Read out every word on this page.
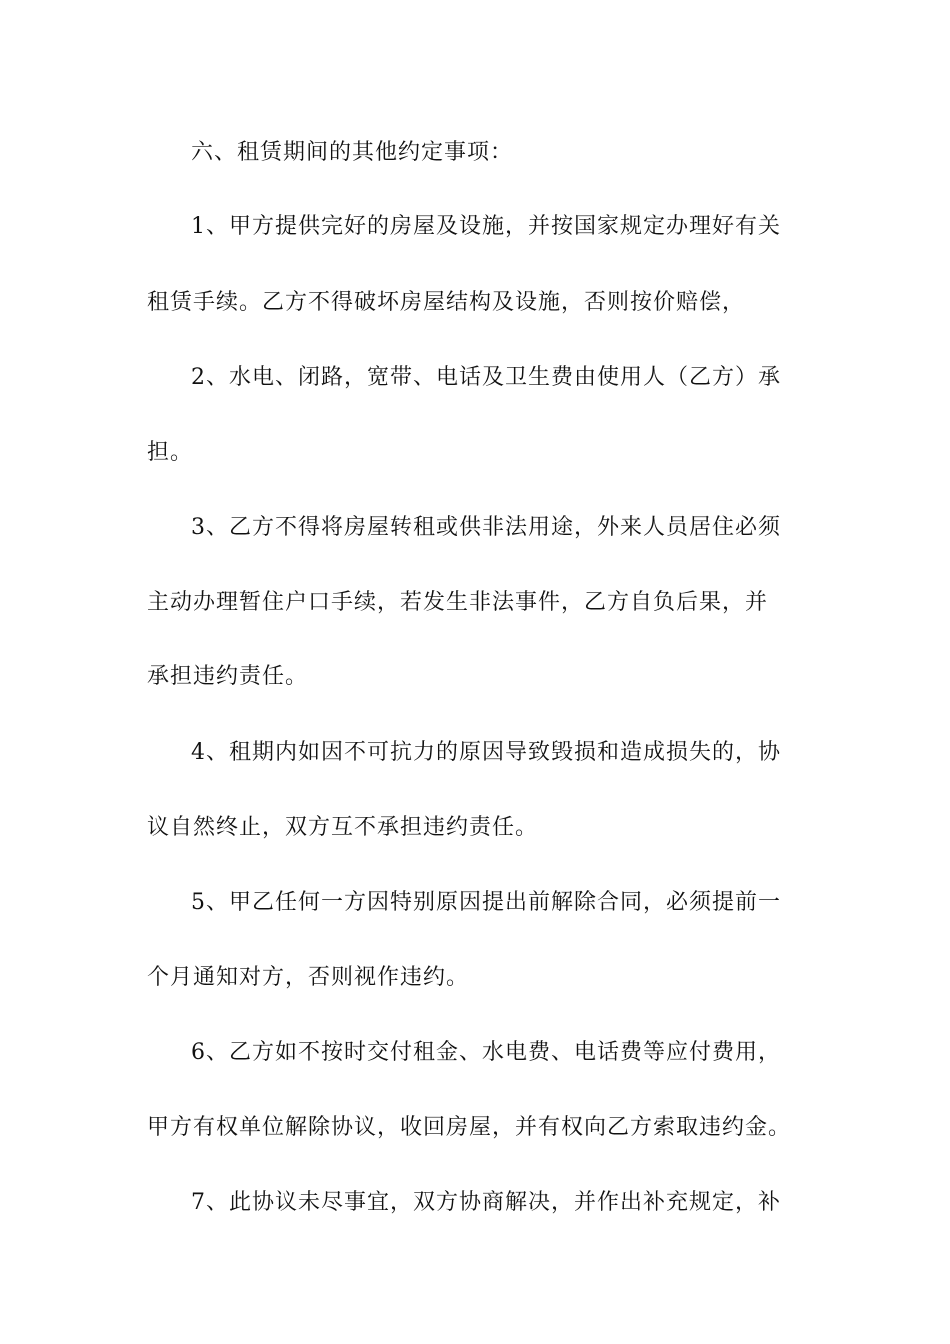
六、租赁期间的其他约定事项：
1、甲方提供完好的房屋及设施，并按国家规定办理好有关
租赁手续。乙方不得破坏房屋结构及设施，否则按价赔偿，
2、水电、闭路，宽带、电话及卫生费由使用人（乙方）承
担。
3、乙方不得将房屋转租或供非法用途，外来人员居住必须
主动办理暂住户口手续，若发生非法事件，乙方自负后果，并
承担违约责任。
4、租期内如因不可抗力的原因导致毁损和造成损失的，协
议自然终止，双方互不承担违约责任。
5、甲乙任何一方因特别原因提出前解除合同，必须提前一
个月通知对方，否则视作违约。
6、乙方如不按时交付租金、水电费、电话费等应付费用，
甲方有权单位解除协议，收回房屋，并有权向乙方索取违约金。
7、此协议未尽事宜，双方协商解决，并作出补充规定，补
